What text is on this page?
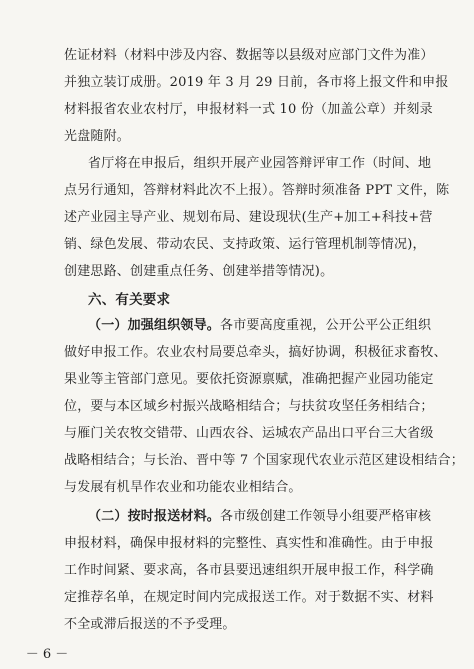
佐证材料（材料中涉及内容、数据等以县级对应部门文件为准）
并独立装订成册。2019 年 3 月 29 日前，各市将上报文件和申报
材料报省农业农村厅，申报材料一式 10 份（加盖公章）并刻录
光盘随附。
省厅将在申报后，组织开展产业园答辩评审工作（时间、地
点另行通知，答辩材料此次不上报）。答辩时须准备 PPT 文件，陈
述产业园主导产业、规划布局、建设现状(生产+加工+科技+营
销、绿色发展、带动农民、支持政策、运行管理机制等情况)，
创建思路、创建重点任务、创建举措等情况)。
六、有关要求
（一）加强组织领导。各市要高度重视，公开公平公正组织
做好申报工作。农业农村局要总牵头，搞好协调，积极征求畜牧、
果业等主管部门意见。要依托资源禀赋，准确把握产业园功能定
位，要与本区域乡村振兴战略相结合；与扶贫攻坚任务相结合；
与雁门关农牧交错带、山西农谷、运城农产品出口平台三大省级
战略相结合；与长治、晋中等 7 个国家现代农业示范区建设相结合；
与发展有机旱作农业和功能农业相结合。
（二）按时报送材料。各市级创建工作领导小组要严格审核
申报材料，确保申报材料的完整性、真实性和准确性。由于申报
工作时间紧、要求高，各市县要迅速组织开展申报工作，科学确
定推荐名单，在规定时间内完成报送工作。对于数据不实、材料
不全或滞后报送的不予受理。
－ 6 －
